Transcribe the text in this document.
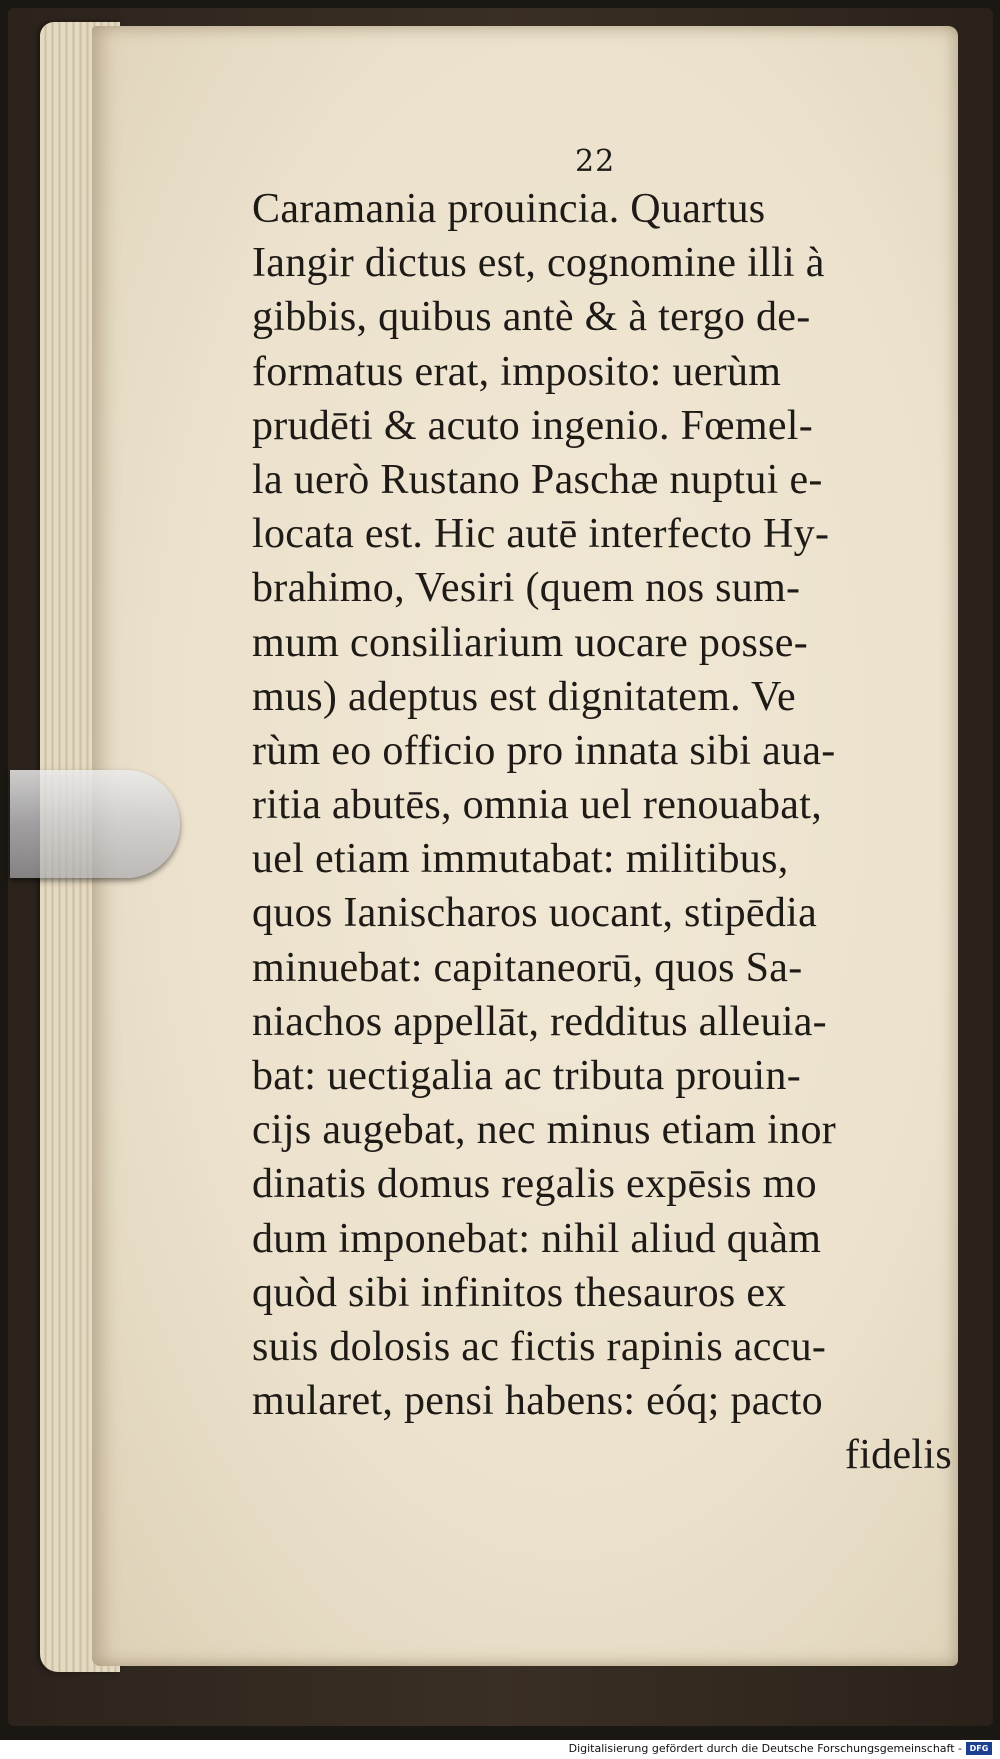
22
Caramania prouincia. Quartus
Iangir dictus est, cognomine illi à
gibbis, quibus antè & à tergo de-
formatus erat, imposito: uerùm
prudēti & acuto ingenio. Fœmel-
la uerò Rustano Paschæ nuptui e-
locata est. Hic autē interfecto Hy-
brahimo, Vesiri (quem nos sum-
mum consiliarium uocare posse-
mus) adeptus est dignitatem. Ve
rùm eo officio pro innata sibi aua-
ritia abutēs, omnia uel renouabat,
uel etiam immutabat: militibus,
quos Ianischaros uocant, stipēdia
minuebat: capitaneorū, quos Sa-
niachos appellāt, redditus alleuia-
bat: uectigalia ac tributa prouin-
cijs augebat, nec minus etiam inor
dinatis domus regalis expēsis mo
dum imponebat: nihil aliud quàm
quòd sibi infinitos thesauros ex
suis dolosis ac fictis rapinis accu-
mularet, pensi habens: eóq; pacto
fidelis
Digitalisierung gefördert durch die Deutsche Forschungsgemeinschaft - DFG
